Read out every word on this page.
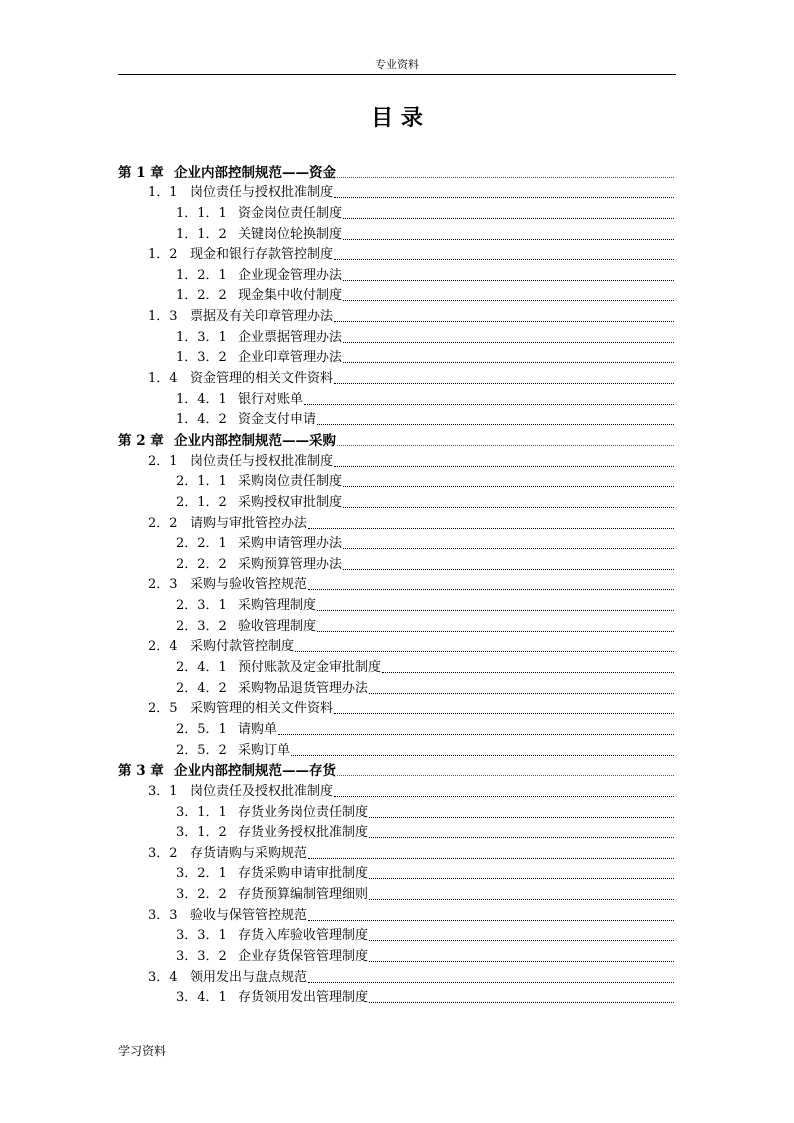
专业资料
目 录
第 1 章 企业内部控制规范——资金
1．1 岗位责任与授权批准制度
1．1．1 资金岗位责任制度
1．1．2 关键岗位轮换制度
1．2 现金和银行存款管控制度
1．2．1 企业现金管理办法
1．2．2 现金集中收付制度
1．3 票据及有关印章管理办法
1．3．1 企业票据管理办法
1．3．2 企业印章管理办法
1．4 资金管理的相关文件资料
1．4．1 银行对账单
1．4．2 资金支付申请
第 2 章 企业内部控制规范——采购
2．1 岗位责任与授权批准制度
2．1．1 采购岗位责任制度
2．1．2 采购授权审批制度
2．2 请购与审批管控办法
2．2．1 采购申请管理办法
2．2．2 采购预算管理办法
2．3 采购与验收管控规范
2．3．1 采购管理制度
2．3．2 验收管理制度
2．4 采购付款管控制度
2．4．1 预付账款及定金审批制度
2．4．2 采购物品退货管理办法
2．5 采购管理的相关文件资料
2．5．1 请购单
2．5．2 采购订单
第 3 章 企业内部控制规范——存货
3．1 岗位责任及授权批准制度
3．1．1 存货业务岗位责任制度
3．1．2 存货业务授权批准制度
3．2 存货请购与采购规范
3．2．1 存货采购申请审批制度
3．2．2 存货预算编制管理细则
3．3 验收与保管管控规范
3．3．1 存货入库验收管理制度
3．3．2 企业存货保管管理制度
3．4 领用发出与盘点规范
3．4．1 存货领用发出管理制度
学习资料
